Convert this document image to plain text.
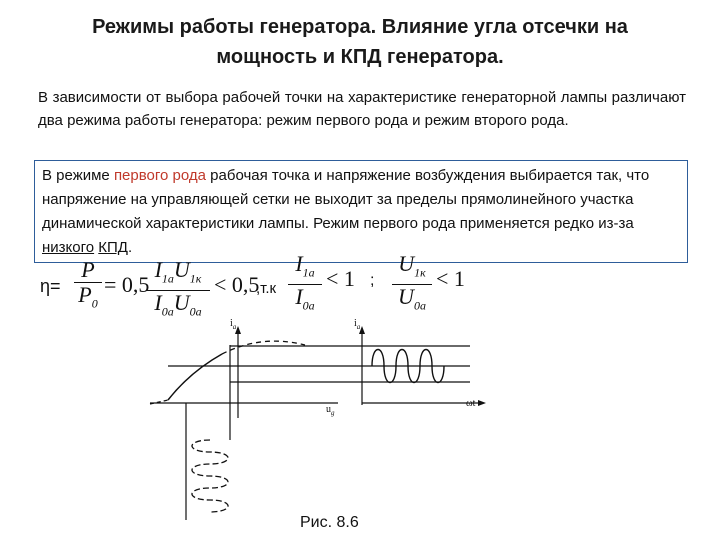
Режимы работы генератора. Влияние угла отсечки на
мощность и КПД генератора.
В зависимости от выбора рабочей точки на характеристике генераторной лампы различают два режима работы генератора: режим первого рода и режим второго рода.
В режиме первого рода рабочая точка и напряжение возбуждения выбирается так, что напряжение на управляющей сетки не выходит за пределы прямолинейного участка динамической характеристики лампы. Режим первого рода применяется редко из-за низкого КПД.
η=
P
$P_0$
= 0,5
$I_{1a}U_{1к}$
$I_{0a}U_{0a}$
< 0,5
,т.к
$I_{1a}$
$I_{0a}$
< 1 ;
$U_{1к}$
$U_{0a}$
< 1
$i_a$	$i_a$
$u_g$
ωt
Рис. 8.6
